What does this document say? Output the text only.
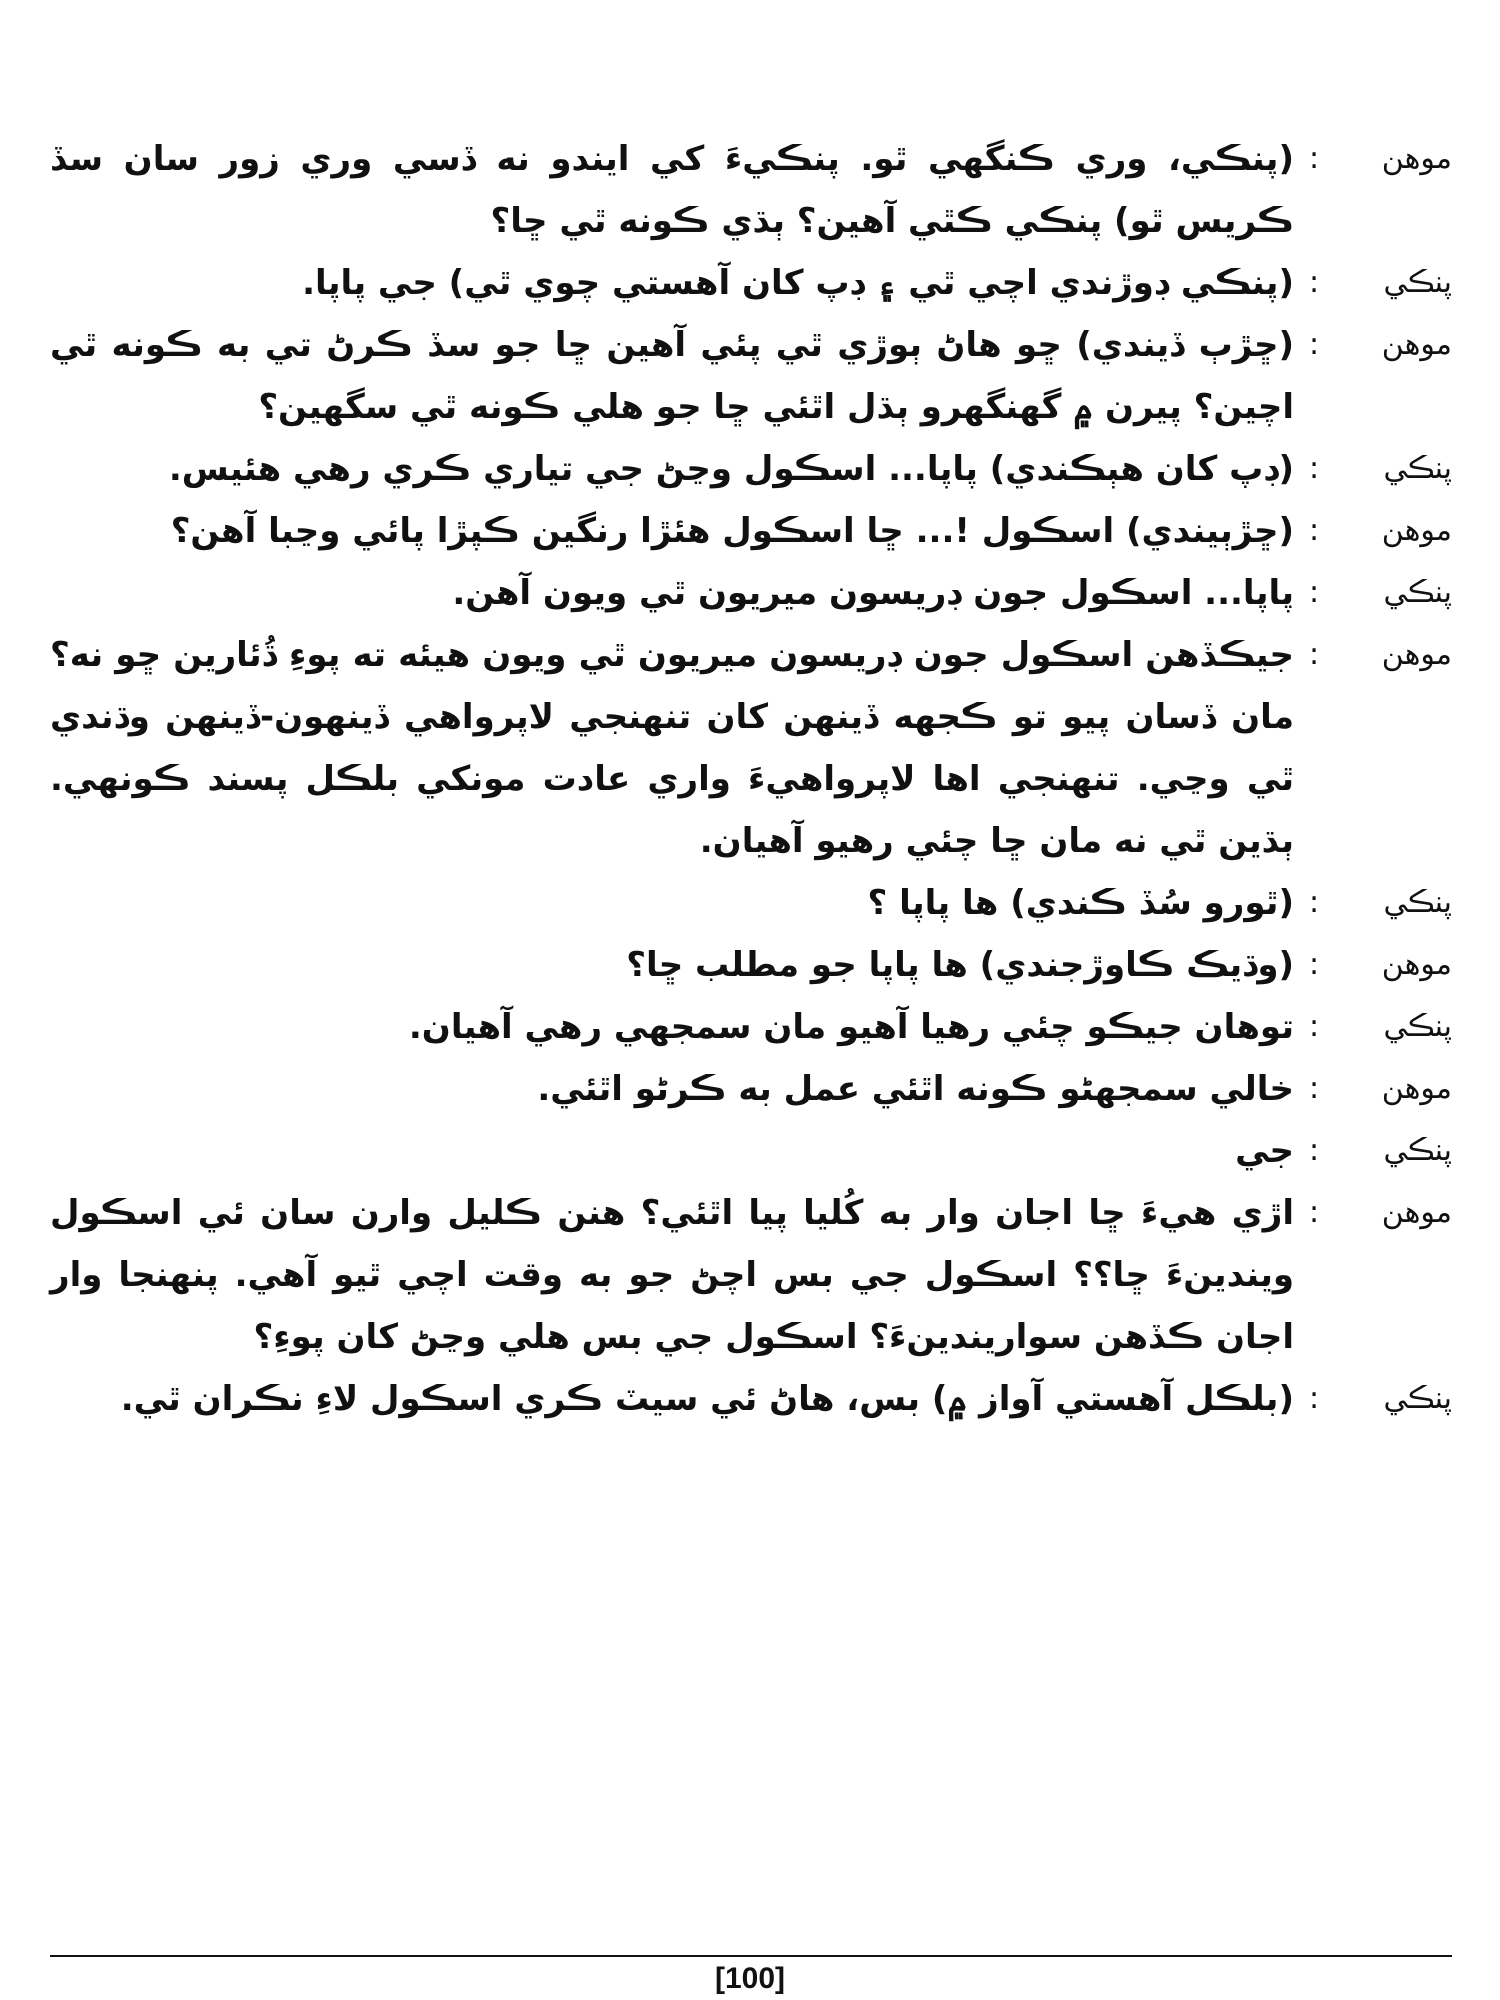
موهن
:
(پنڪي، وري ڪنگهي ٿو. پنڪيءَ کي ايندو نه ڏسي وري زور سان سڏ ڪريس ٿو) پنڪي ڪٿي آهين؟ ٻڌي ڪونه ٿي ڇا؟
پنڪي
:
(پنڪي ڊوڙندي اچي ٿي ۽ ڊپ کان آهستي چوي ٿي) جي پاپا.
موهن
:
(ڇڙٻ ڏيندي) ڇو هاڻ ٻوڙي ٿي پئي آهين ڇا جو سڏ ڪرڻ تي به ڪونه ٿي اچين؟ پيرن ۾ گهنگهرو ٻڌل اٿئي ڇا جو هلي ڪونه ٿي سگهين؟
پنڪي
:
(ڊپ کان هٻڪندي) پاپا... اسڪول وڃڻ جي تياري ڪري رهي هئيس.
موهن
:
(ڇڙٻيندي) اسڪول !... ڇا اسڪول هئڙا رنگين ڪپڙا پائي وڃبا آهن؟
پنڪي
:
پاپا... اسڪول جون ڊريسون ميريون ٿي ويون آهن.
موهن
:
جيڪڏهن اسڪول جون ڊريسون ميريون ٿي ويون هيئه ته پوءِ ڌُئارين ڇو نه؟ مان ڏسان پيو تو ڪجهه ڏينهن کان تنهنجي لاپرواهي ڏينهون-ڏينهن وڌندي ٿي وڃي. تنهنجي اها لاپرواهيءَ واري عادت مونکي بلڪل پسند ڪونهي. ٻڌين ٿي نه مان ڇا چئي رهيو آهيان.
پنڪي
:
(ٿورو سُڏ ڪندي) ها پاپا ؟
موهن
:
(وڌيڪ ڪاوڙجندي) ها پاپا جو مطلب ڇا؟
پنڪي
:
توهان جيڪو چئي رهيا آهيو مان سمجهي رهي آهيان.
موهن
:
خالي سمجهڻو ڪونه اٿئي عمل به ڪرڻو اٿئي.
پنڪي
:
جي
موهن
:
اڙي هيءَ ڇا اجان وار به کُليا پيا اٿئي؟ هنن ڪليل وارن سان ئي اسڪول ويندينءَ ڇا؟؟ اسڪول جي بس اچڻ جو به وقت اچي ٿيو آهي. پنهنجا وار اجان ڪڏهن سواريندينءَ؟ اسڪول جي بس هلي وڃڻ کان پوءِ؟
پنڪي
:
(بلڪل آهستي آواز ۾) بس، هاڻ ئي سيٽ ڪري اسڪول لاءِ نڪران ٿي.
[100]
